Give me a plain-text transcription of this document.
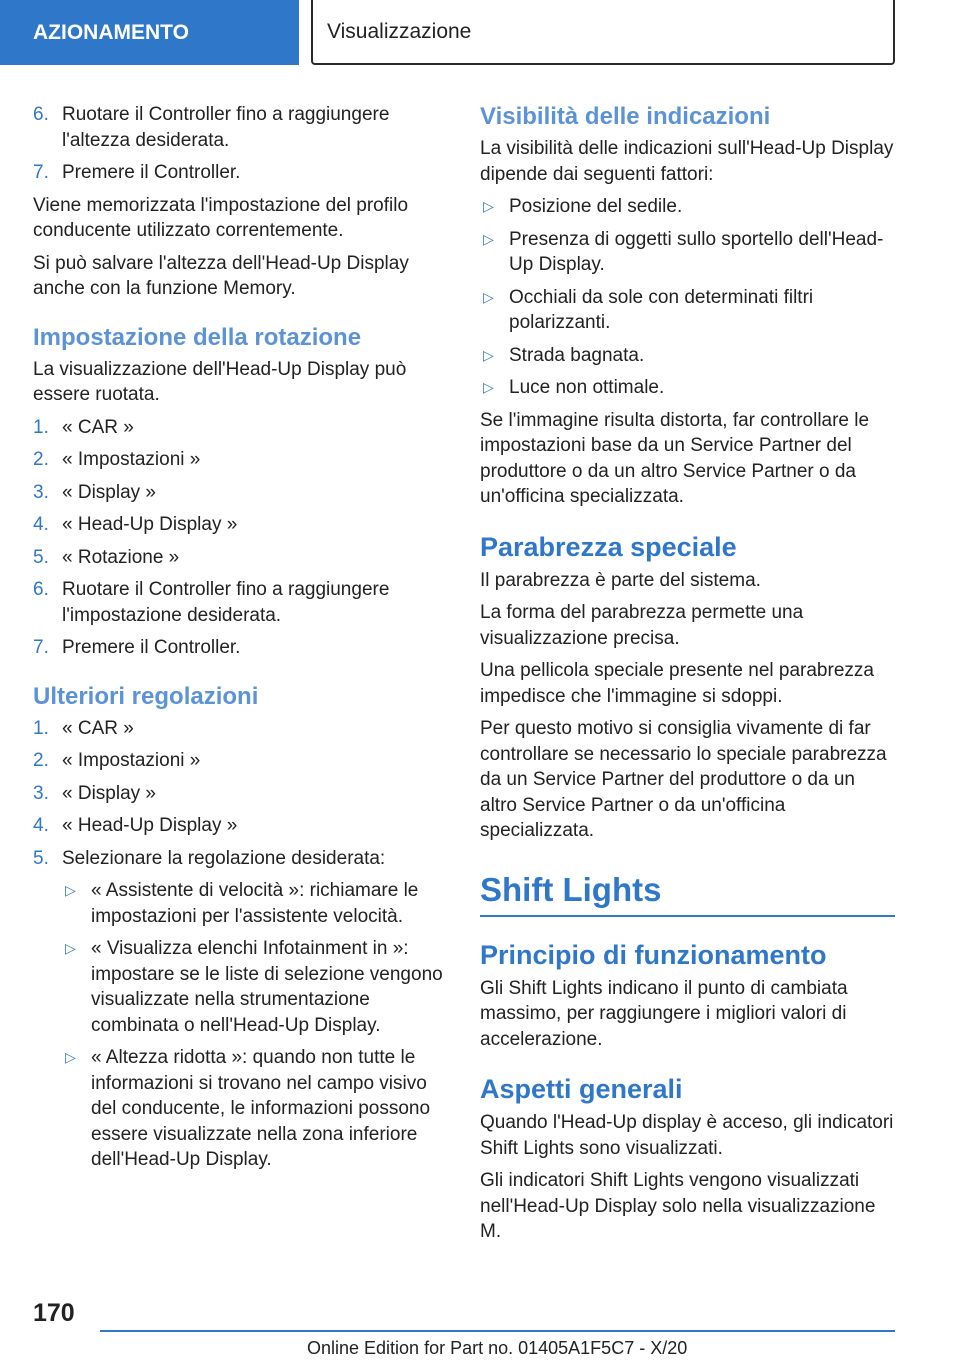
AZIONAMENTO	Visualizzazione
6. Ruotare il Controller fino a raggiungere l'altezza desiderata.
7. Premere il Controller.

Viene memorizzata l'impostazione del profilo conducente utilizzato correntemente.

Si può salvare l'altezza dell'Head-Up Display anche con la funzione Memory.

Impostazione della rotazione

La visualizzazione dell'Head-Up Display può essere ruotata.

1. « CAR »
2. « Impostazioni »
3. « Display »
4. « Head-Up Display »
5. « Rotazione »
6. Ruotare il Controller fino a raggiungere l'impostazione desiderata.
7. Premere il Controller.
Ulteriori regolazioni
1. « CAR »
2. « Impostazioni »
3. « Display »
4. « Head-Up Display »
5. Selezionare la regolazione desiderata:
▷ « Assistente di velocità »: richiamare le impostazioni per l'assistente velocità.
▷ « Visualizza elenchi Infotainment in »: impostare se le liste di selezione vengono visualizzate nella strumentazione combinata o nell'Head-Up Display.
▷ « Altezza ridotta »: quando non tutte le informazioni si trovano nel campo visivo del conducente, le informazioni possono essere visualizzate nella zona inferiore dell'Head-Up Display.
Visibilità delle indicazioni

La visibilità delle indicazioni sull'Head-Up Display dipende dai seguenti fattori:

▷ Posizione del sedile.
▷ Presenza di oggetti sullo sportello dell'Head-Up Display.
▷ Occhiali da sole con determinati filtri polarizzanti.
▷ Strada bagnata.
▷ Luce non ottimale.

Se l'immagine risulta distorta, far controllare le impostazioni base da un Service Partner del produttore o da un altro Service Partner o da un'officina specializzata.

Parabrezza speciale

Il parabrezza è parte del sistema.

La forma del parabrezza permette una visualizzazione precisa.

Una pellicola speciale presente nel parabrezza impedisce che l'immagine si sdoppi.

Per questo motivo si consiglia vivamente di far controllare se necessario lo speciale parabrezza da un Service Partner del produttore o da un altro Service Partner o da un'officina specializzata.

Shift Lights
Principio di funzionamento

Gli Shift Lights indicano il punto di cambiata massimo, per raggiungere i migliori valori di accelerazione.

Aspetti generali

Quando l'Head-Up display è acceso, gli indicatori Shift Lights sono visualizzati.

Gli indicatori Shift Lights vengono visualizzati nell'Head-Up Display solo nella visualizzazione M.

170
Online Edition for Part no. 01405A1F5C7 - X/20
